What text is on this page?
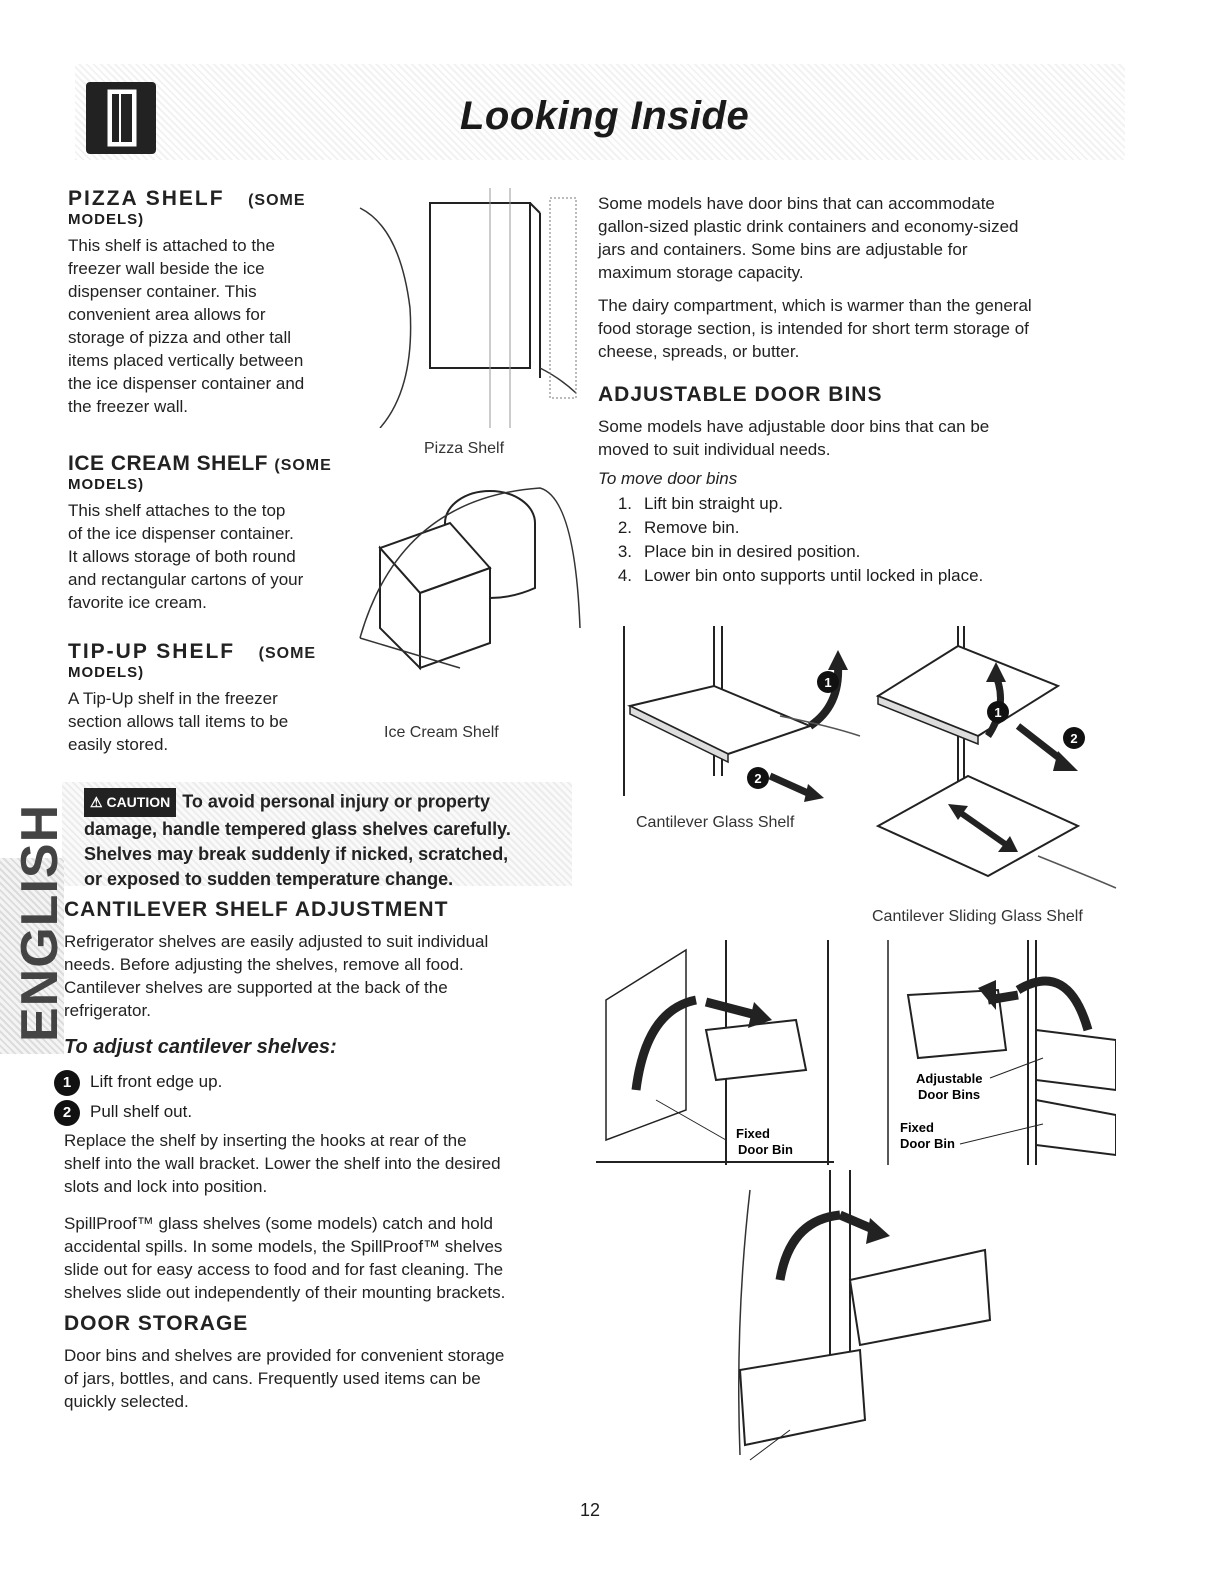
Looking Inside

PIZZA SHELF (SOME

MODELS)

This shelf is attached to the

freezer wall beside the ice

dispenser container. This

convenient area allows for

storage of pizza and other tall

items placed vertically between

the ice dispenser container and

the freezer wall.

Pizza Shelf

ICE CREAM SHELF (SOME

MODELS)

This shelf attaches to the top

of the ice dispenser container.

It allows storage of both round

and rectangular cartons of your

favorite ice cream.

Ice Cream Shelf

TIP-UP SHELF (SOME

MODELS)

A Tip-Up shelf in the freezer

section allows tall items to be

easily stored.

⚠ CAUTION To avoid personal injury or property
damage, handle tempered glass shelves carefully.
Shelves may break suddenly if nicked, scratched,
or exposed to sudden temperature change.
ENGLISH

CANTILEVER SHELF ADJUSTMENT

Refrigerator shelves are easily adjusted to suit individual

needs. Before adjusting the shelves, remove all food.

Cantilever shelves are supported at the back of the

refrigerator.

To adjust cantilever shelves:

1 Lift front edge up.
2 Pull shelf out.

Replace the shelf by inserting the hooks at rear of the

shelf into the wall bracket. Lower the shelf into the desired

slots and lock into position.

SpillProof™ glass shelves (some models) catch and hold

accidental spills. In some models, the SpillProof™ shelves

slide out for easy access to food and for fast cleaning. The

shelves slide out independently of their mounting brackets.

DOOR STORAGE

Door bins and shelves are provided for convenient storage

of jars, bottles, and cans. Frequently used items can be

quickly selected.

Some models have door bins that can accommodate

gallon-sized plastic drink containers and economy-sized

jars and containers. Some bins are adjustable for

maximum storage capacity.

The dairy compartment, which is warmer than the general

food storage section, is intended for short term storage of

cheese, spreads, or butter.

ADJUSTABLE DOOR BINS

Some models have adjustable door bins that can be

moved to suit individual needs.

To move door bins

1. Lift bin straight up.
2. Remove bin.
3. Place bin in desired position.
4. Lower bin onto supports until locked in place.
1
2
Cantilever Glass Shelf
1
2
Cantilever Sliding Glass Shelf
Fixed
Door Bin
Adjustable
Door Bins
Fixed
Door Bin
12
